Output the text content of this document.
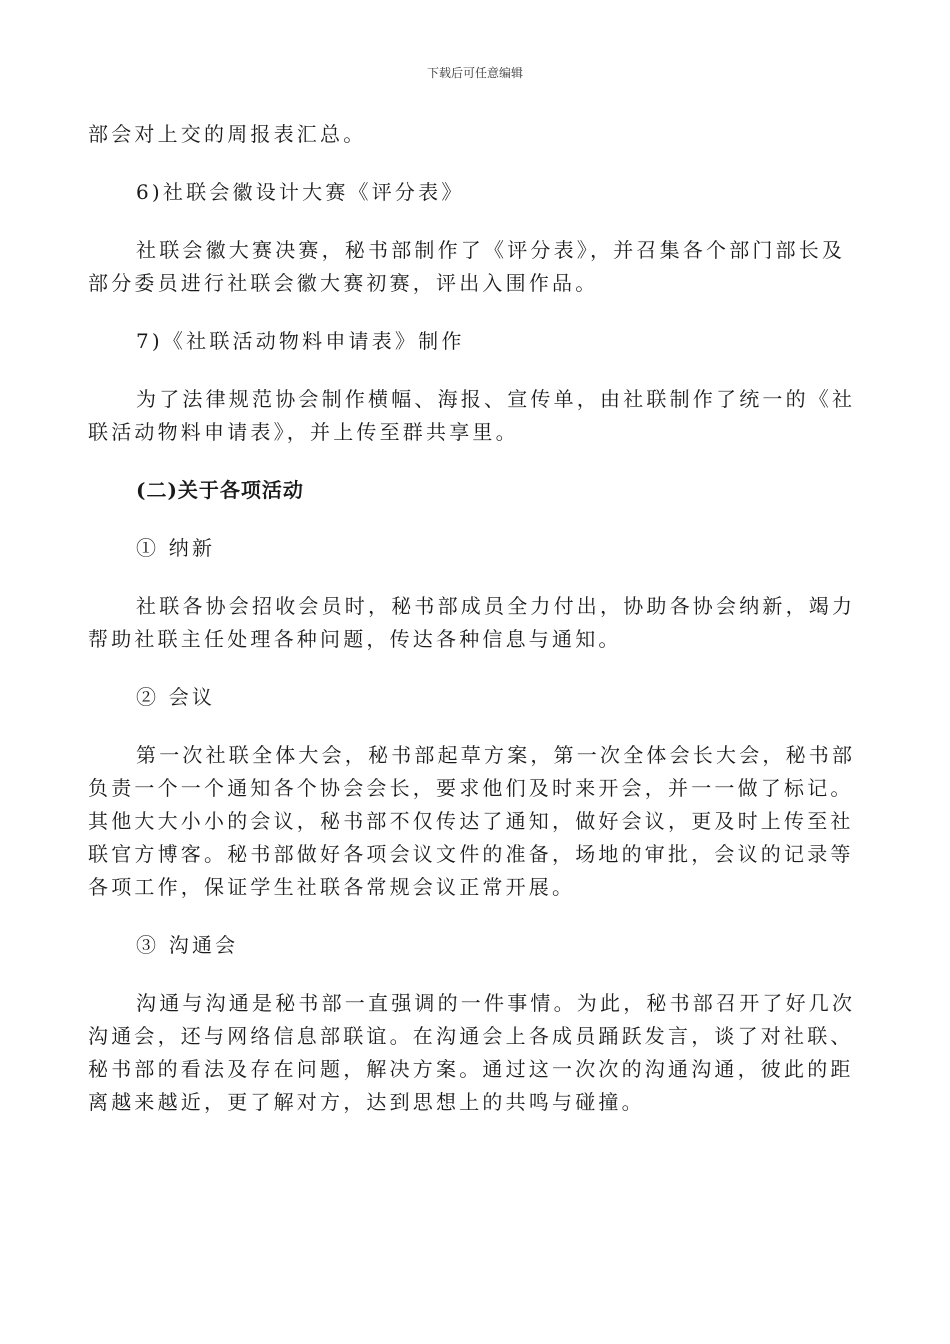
下载后可任意编辑

部会对上交的周报表汇总。

6)社联会徽设计大赛《评分表》

社联会徽大赛决赛，秘书部制作了《评分表》，并召集各个部门部长及部分委员进行社联会徽大赛初赛，评出入围作品。

7)《社联活动物料申请表》制作

为了法律规范协会制作横幅、海报、宣传单，由社联制作了统一的《社联活动物料申请表》，并上传至群共享里。

(二)关于各项活动

① 纳新

社联各协会招收会员时，秘书部成员全力付出，协助各协会纳新，竭力帮助社联主任处理各种问题，传达各种信息与通知。

② 会议

第一次社联全体大会，秘书部起草方案，第一次全体会长大会，秘书部负责一个一个通知各个协会会长，要求他们及时来开会，并一一做了标记。其他大大小小的会议，秘书部不仅传达了通知，做好会议，更及时上传至社联官方博客。秘书部做好各项会议文件的准备，场地的审批，会议的记录等各项工作，保证学生社联各常规会议正常开展。

③ 沟通会

沟通与沟通是秘书部一直强调的一件事情。为此，秘书部召开了好几次沟通会，还与网络信息部联谊。在沟通会上各成员踊跃发言，谈了对社联、秘书部的看法及存在问题，解决方案。通过这一次次的沟通沟通，彼此的距离越来越近，更了解对方，达到思想上的共鸣与碰撞。
